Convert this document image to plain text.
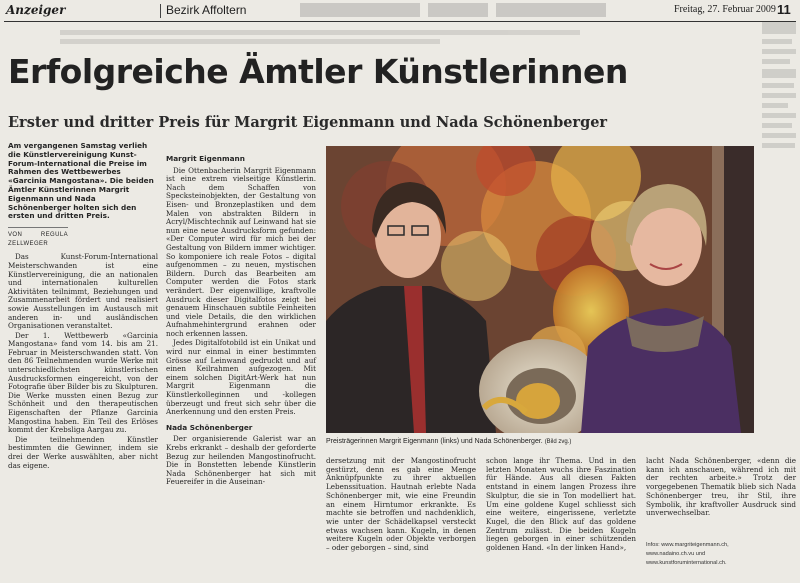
Anzeiger	Bezirk Affoltern	Freitag, 27. Februar 2009 11
Erfolgreiche Ämtler Künstlerinnen
Erster und dritter Preis für Margrit Eigenmann und Nada Schönenberger
Am vergangenen Samstag verlieh die Künstlervereinigung Kunst-Forum-International die Preise im Rahmen des Wettbewerbes «Garcinia Mangostana». Die beiden Ämtler Künstlerinnen Margrit Eigenmann und Nada Schönenberger holten sich den ersten und dritten Preis.
VON REGULA ZELLWEGER

Das Kunst-Forum-International Meisterschwanden ist eine Künstlervereinigung, die an nationalen und internationalen kulturellen Aktivitäten teilnimmt, Beziehungen und Zusammenarbeit fördert und realisiert sowie Ausstellungen im Austausch mit anderen in- und ausländischen Organisationen veranstaltet.

Der 1. Wettbewerb «Garcinia Mangostana» fand vom 14. bis am 21. Februar in Meisterschwanden statt. Von den 86 Teilnehmenden wurde Werke mit unterschiedlichsten künstlerischen Ausdrucksformen eingereicht, von der Fotografie über Bilder bis zu Skulpturen. Die Werke mussten einen Bezug zur Schönheit und den therapeutischen Eigenschaften der Pflanze Garcinia Mangostina haben. Ein Teil des Erlöses kommt der Krebsliga Aargau zu.

Die teilnehmenden Künstler bestimmten die Gewinner, indem sie drei der Werke auswählten, aber nicht das eigene.

Margrit Eigenmann

Die Ottenbacherin Margrit Eigenmann ist eine extrem vielseitige Künstlerin. Nach dem Schaffen von Specksteinobjekten, der Gestaltung von Eisen- und Bronzeplastiken und dem Malen von abstrakten Bildern in Acryl/Mischtechnik auf Leinwand hat sie nun eine neue Ausdrucksform gefunden: «Der Computer wird für mich bei der Gestaltung von Bildern immer wichtiger. So komponiere ich reale Fotos – digital aufgenommen – zu neuen, mystischen Bildern. Durch das Bearbeiten am Computer werden die Fotos stark verändert. Der eigenwillige, kraftvolle Ausdruck dieser Digitalfotos zeigt bei genauem Hinschauen subtile Feinheiten und viele Details, die den wirklichen Aufnahmehintergrund erahnen oder noch erkennen lassen.

Jedes Digitalfotobild ist ein Unikat und wird nur einmal in einer bestimmten Grösse auf Leinwand gedruckt und auf einen Keilrahmen aufgezogen. Mit einem solchen DigitArt-Werk hat nun Margrit Eigenmann die Künstlerkolleginnen und -kollegen überzeugt und freut sich sehr über die Anerkennung und den ersten Preis.

Nada Schönenberger

Der organisierende Galerist war an Krebs erkrankt – deshalb der geforderte Bezug zur heilenden Mangostinofrucht. Die in Bonstetten lebende Künstlerin Nada Schönenberger hat sich mit Feuereifer in die Auseinan-

Preisträgerinnen Margrit Eigenmann (links) und Nada Schönenberger. (Bild zvg.)

dersetzung mit der Mangostinofrucht gestürzt, denn es gab eine Menge Anknüpfpunkte zu ihrer aktuellen Lebenssituation. Hautnah erlebte Nada Schönenberger mit, wie eine Freundin an einem Hirntumor erkrankte. Es machte sie betroffen und nachdenklich, wie unter der Schädelkapsel versteckt etwas wachsen kann. Kugeln, in denen weitere Kugeln oder Objekte verborgen – oder geborgen – sind, sind

schon lange ihr Thema. Und in den letzten Monaten wuchs ihre Faszination für Hände. Aus all diesen Fakten entstand in einem langen Prozess ihre Skulptur, die sie in Ton modelliert hat. Um eine goldene Kugel schliesst sich eine weitere, eingerissene, verletzte Kugel, die den Blick auf das goldene Zentrum zulässt. Die beiden Kugeln liegen geborgen in einer schützenden goldenen Hand. «In der linken Hand»,

lacht Nada Schönenberger, «denn die kann ich anschauen, während ich mit der rechten arbeite.» Trotz der vorgegebenen Thematik blieb sich Nada Schönenberger treu, ihr Stil, ihre Symbolik, ihr kraftvoller Ausdruck sind unverwechselbar.

Infos: www.margriteigenmann.ch,
www.nadaino.ch.vu und
www.kunstforuminternational.ch.
